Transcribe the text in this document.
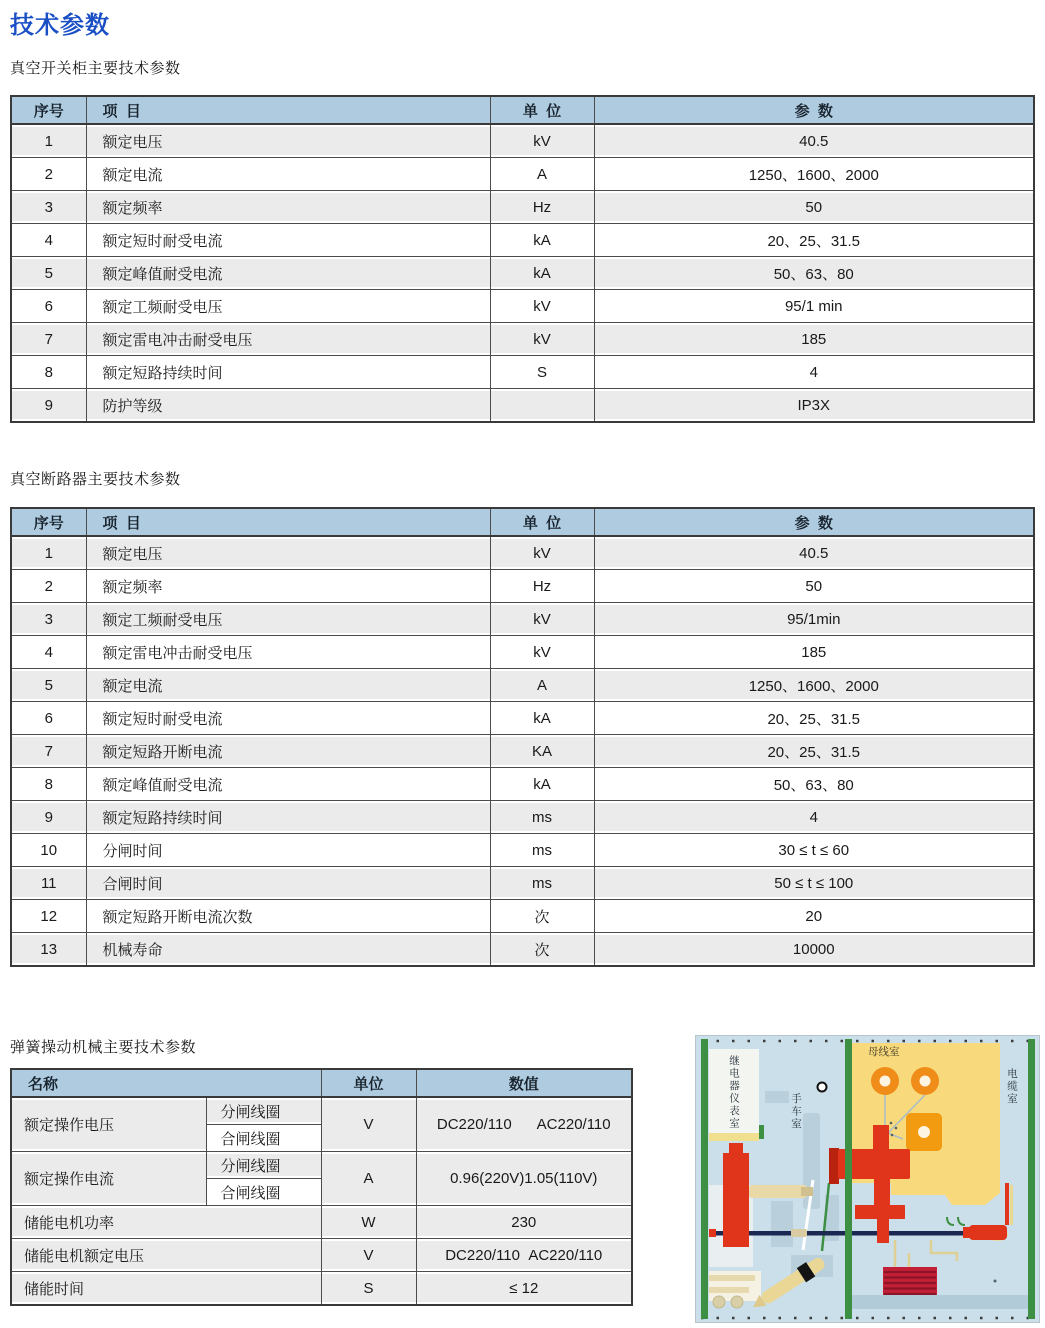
技术参数
真空开关柜主要技术参数
序号	项  目	单  位	参  数
1	额定电压	kV	40.5
2	额定电流	A	1250、1600、2000
3	额定频率	Hz	50
4	额定短时耐受电流	kA	20、25、31.5
5	额定峰值耐受电流	kA	50、63、80
6	额定工频耐受电压	kV	95/1 min
7	额定雷电冲击耐受电压	kV	185
8	额定短路持续时间	S	4
9	防护等级		IP3X
真空断路器主要技术参数
序号	项  目	单  位	参  数
1	额定电压	kV	40.5
2	额定频率	Hz	50
3	额定工频耐受电压	kV	95/1min
4	额定雷电冲击耐受电压	kV	185
5	额定电流	A	1250、1600、2000
6	额定短时耐受电流	kA	20、25、31.5
7	额定短路开断电流	KA	20、25、31.5
8	额定峰值耐受电流	kA	50、63、80
9	额定短路持续时间	ms	4
10	分闸时间	ms	30 ≤ t ≤ 60
11	合闸时间	ms	50 ≤ t ≤ 100
12	额定短路开断电流次数	次	20
13	机械寿命	次	10000
弹簧操动机械主要技术参数
名称		单位	数值
额定操作电压	分闸线圈	V	DC220/110      AC220/110
	合闸线圈		
额定操作电流	分闸线圈	A	0.96(220V)1.05(110V)
	合闸线圈		
储能电机功率		W	230
储能电机额定电压		V	DC220/110  AC220/110
储能时间		S	≤ 12
继电器仪表室	手车室
母线室
电缆室
